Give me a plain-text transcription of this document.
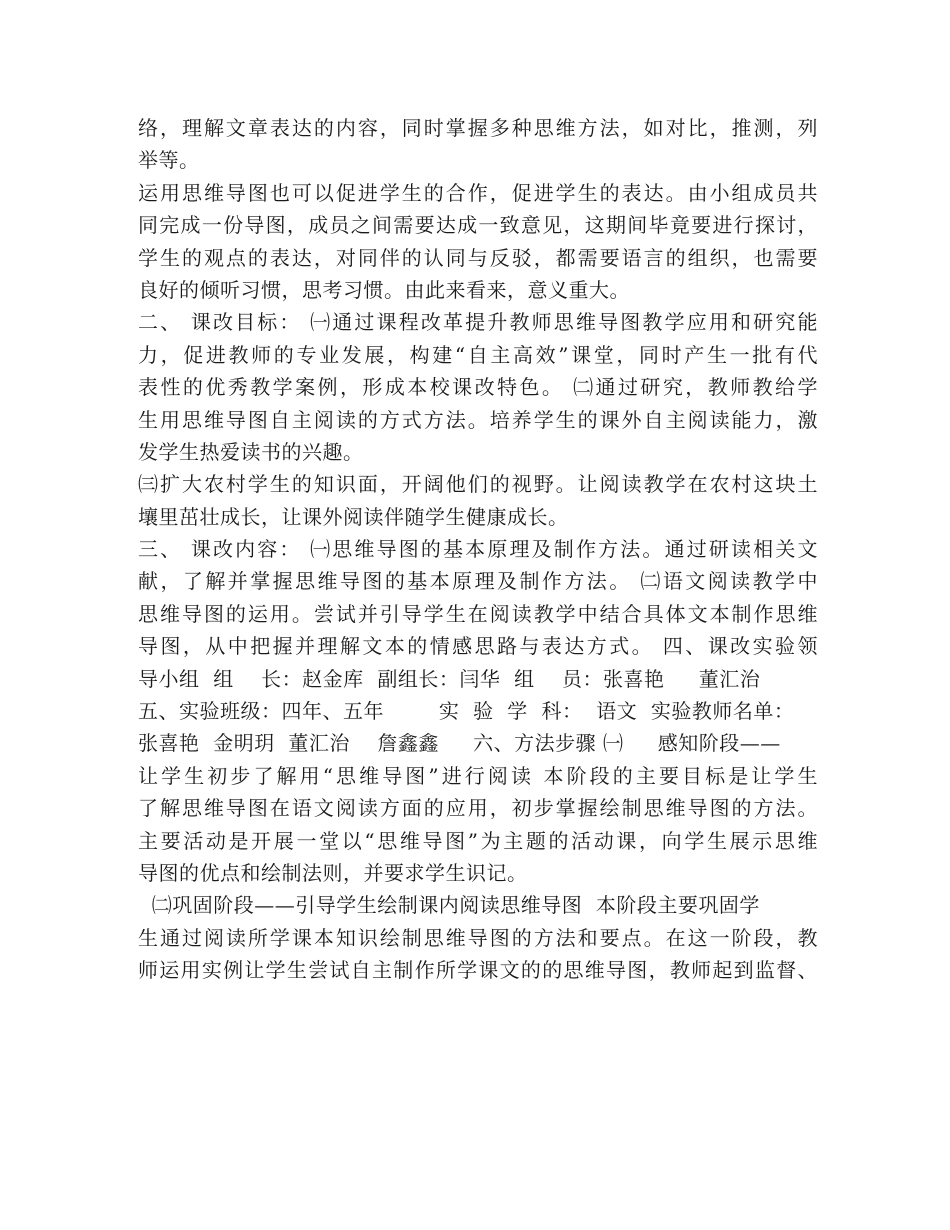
络，理解文章表达的内容，同时掌握多种思维方法，如对比，推测，列
举等。
运用思维导图也可以促进学生的合作，促进学生的表达。由小组成员共
同完成一份导图，成员之间需要达成一致意见，这期间毕竟要进行探讨，
学生的观点的表达，对同伴的认同与反驳，都需要语言的组织，也需要
良好的倾听习惯，思考习惯。由此来看来，意义重大。
二、 课改目标： ㈠通过课程改革提升教师思维导图教学应用和研究能
力，促进教师的专业发展，构建“自主高效”课堂，同时产生一批有代
表性的优秀教学案例，形成本校课改特色。 ㈡通过研究，教师教给学
生用思维导图自主阅读的方式方法。培养学生的课外自主阅读能力，激
发学生热爱读书的兴趣。
㈢扩大农村学生的知识面，开阔他们的视野。让阅读教学在农村这块土
壤里茁壮成长，让课外阅读伴随学生健康成长。
三、 课改内容： ㈠思维导图的基本原理及制作方法。通过研读相关文
献，了解并掌握思维导图的基本原理及制作方法。 ㈡语文阅读教学中
思维导图的运用。尝试并引导学生在阅读教学中结合具体文本制作思维
导图，从中把握并理解文本的情感思路与表达方式。 四、课改实验领
导小组  组    长：赵金库  副组长：闫华  组    员：张喜艳     董汇治
五、实验班级：四年、五年        实  验  学  科：  语文  实验教师名单：
张喜艳  金明玥  董汇治    詹鑫鑫     六、方法步骤 ㈠     感知阶段——
让学生初步了解用“思维导图”进行阅读 本阶段的主要目标是让学生
了解思维导图在语文阅读方面的应用，初步掌握绘制思维导图的方法。
主要活动是开展一堂以“思维导图”为主题的活动课，向学生展示思维
导图的优点和绘制法则，并要求学生识记。
㈡巩固阶段——引导学生绘制课内阅读思维导图  本阶段主要巩固学
生通过阅读所学课本知识绘制思维导图的方法和要点。在这一阶段，教
师运用实例让学生尝试自主制作所学课文的的思维导图，教师起到监督、
